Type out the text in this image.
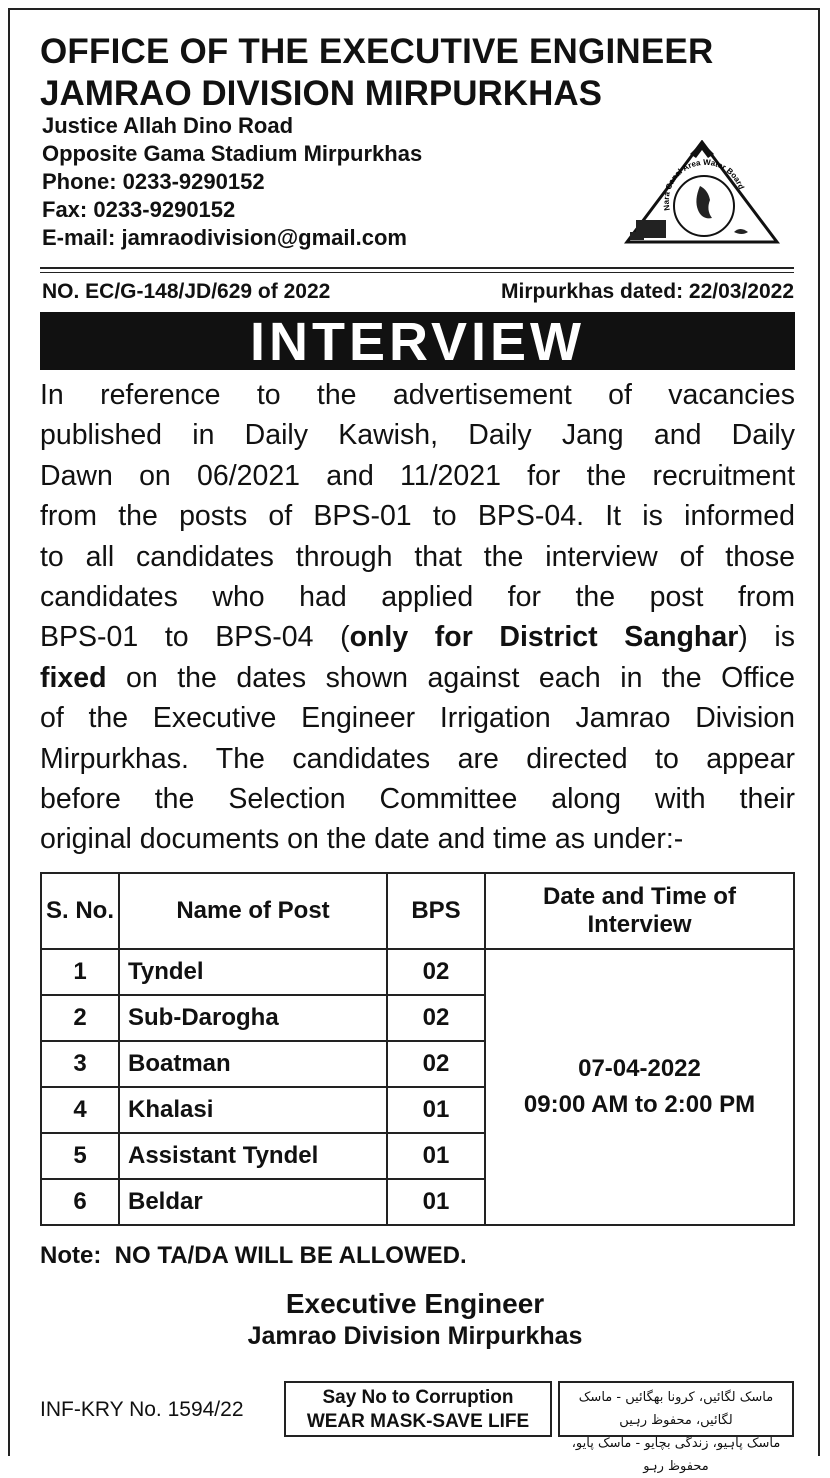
OFFICE OF THE EXECUTIVE ENGINEER
JAMRAO DIVISION MIRPURKHAS
Justice Allah Dino Road
Opposite Gama Stadium Mirpurkhas
Phone: 0233-9290152
Fax: 0233-9290152
E-mail: jamraodivision@gmail.com
Nara Canal Area Water Board
NO. EC/G-148/JD/629 of 2022	Mirpurkhas dated: 22/03/2022
INTERVIEW
In reference to the advertisement of vacancies
published in Daily Kawish, Daily Jang and Daily
Dawn on 06/2021 and 11/2021 for the recruitment
from the posts of BPS-01 to BPS-04. It is informed
to all candidates through that the interview of those
candidates who had applied for the post from
BPS-01 to BPS-04 (only for District Sanghar) is
fixed on the dates shown against each in the Office
of the Executive Engineer Irrigation Jamrao Division
Mirpurkhas. The candidates are directed to appear
before the Selection Committee along with their
original documents on the date and time as under:-
S. No.	Name of Post	BPS	Date and Time of Interview
1	Tyndel	02	07-04-2022
09:00 AM to 2:00 PM

2	Sub-Darogha	02	
3	Boatman	02	
4	Khalasi	01	
5	Assistant Tyndel	01	
6	Beldar	01	
Note:  NO TA/DA WILL BE ALLOWED.
Executive Engineer
Jamrao Division Mirpurkhas
INF-KRY No. 1594/22
Say No to Corruption
WEAR MASK-SAVE LIFE
ماسک لگائیں، کرونا بھگائیں - ماسک لگائیں، محفوظ رہیں
ماسک پاہیو، زندگی بچایو - ماسک پایو، محفوظ رہو
